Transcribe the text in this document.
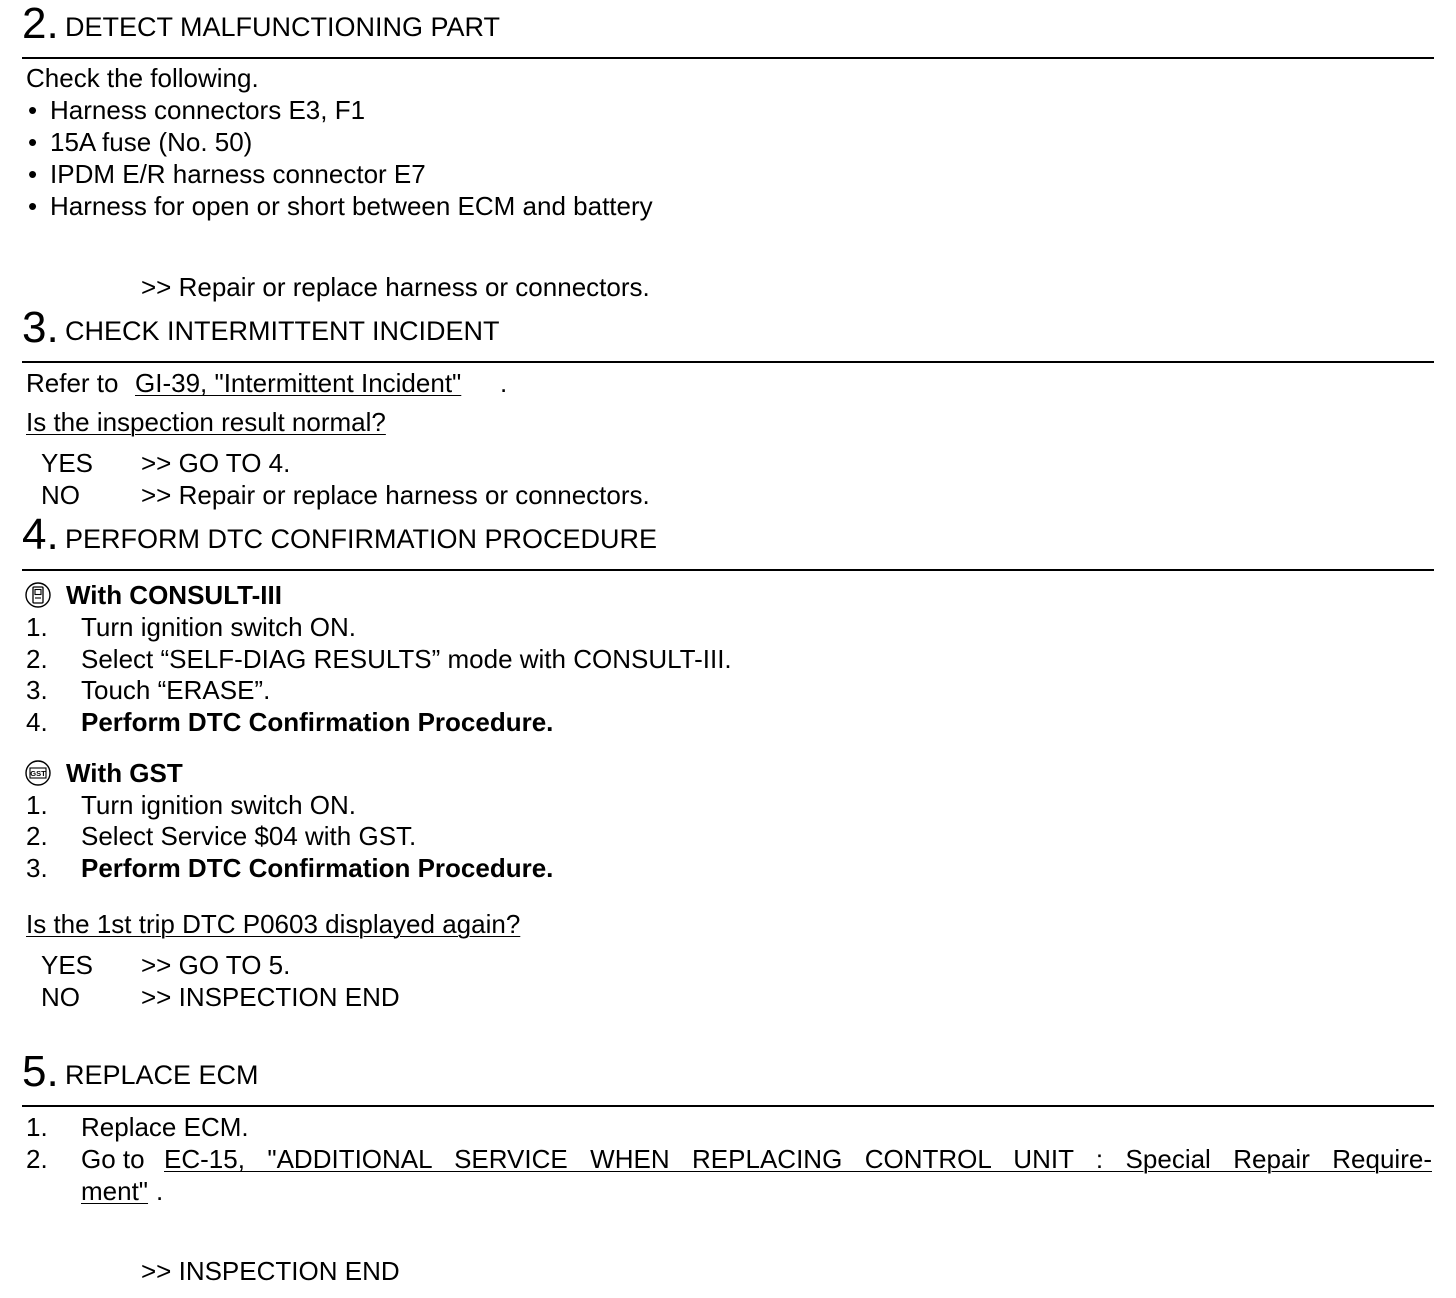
2. DETECT MALFUNCTIONING PART
Check the following.
• Harness connectors E3, F1
• 15A fuse (No. 50)
• IPDM E/R harness connector E7
• Harness for open or short between ECM and battery
>> Repair or replace harness or connectors.
3. CHECK INTERMITTENT INCIDENT
Refer to GI-39, "Intermittent Incident" .
Is the inspection result normal?
YES >> GO TO 4.
NO >> Repair or replace harness or connectors.
4. PERFORM DTC CONFIRMATION PROCEDURE
With CONSULT-III
1. Turn ignition switch ON.
2. Select “SELF-DIAG RESULTS” mode with CONSULT-III.
3. Touch “ERASE”.
4. Perform DTC Confirmation Procedure.
GST With GST
1. Turn ignition switch ON.
2. Select Service $04 with GST.
3. Perform DTC Confirmation Procedure.
Is the 1st trip DTC P0603 displayed again?
YES >> GO TO 5.
NO >> INSPECTION END
5. REPLACE ECM
1. Replace ECM.
2. Go to EC-15, "ADDITIONAL SERVICE WHEN REPLACING CONTROL UNIT : Special Repair Require-
ment" .
>> INSPECTION END
